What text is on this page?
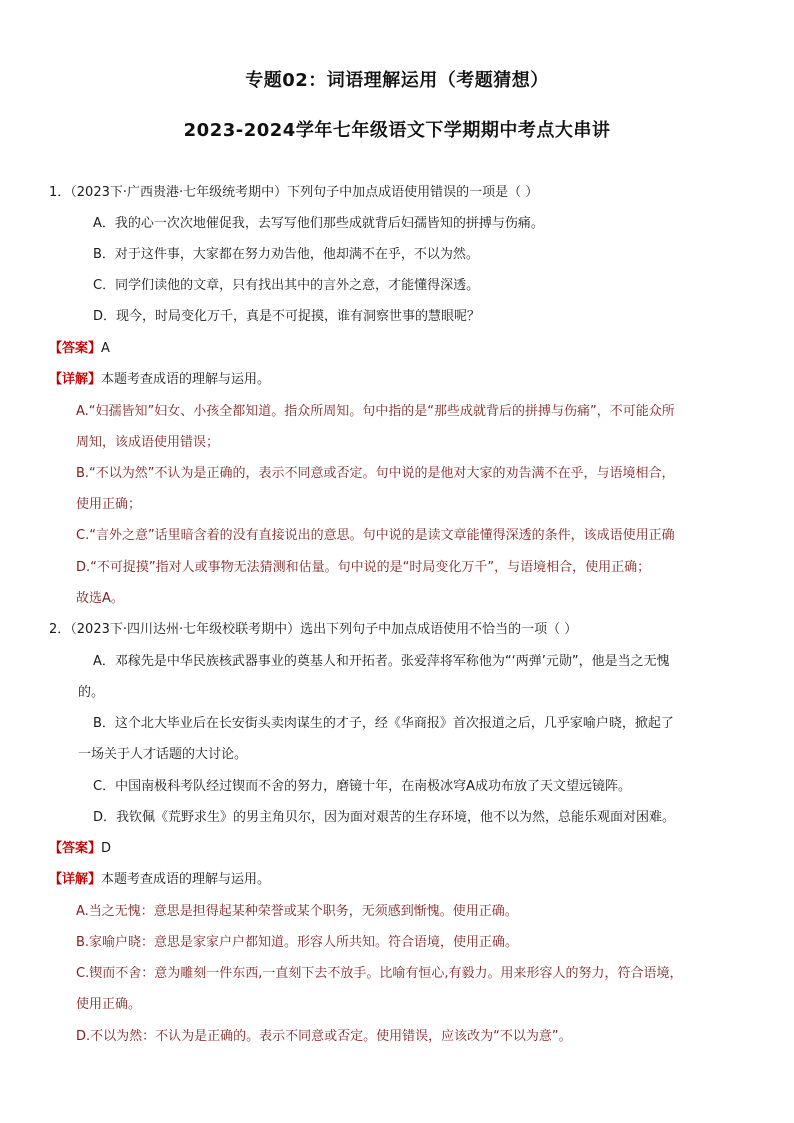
专题02：词语理解运用（考题猜想）
2023-2024学年七年级语文下学期期中考点大串讲
1．（2023下·广西贵港·七年级统考期中）下列句子中加点成语使用错误的一项是（ ）
A．我的心一次次地催促我，去写写他们那些成就背后妇孺皆知的拼搏与伤痛。
B．对于这件事，大家都在努力劝告他，他却满不在乎，不以为然。
C．同学们读他的文章，只有找出其中的言外之意，才能懂得深透。
D．现今，时局变化万千，真是不可捉摸，谁有洞察世事的慧眼呢？
【答案】A
【详解】本题考查成语的理解与运用。
A.“妇孺皆知”妇女、小孩全都知道。指众所周知。句中指的是“那些成就背后的拼搏与伤痛”，不可能众所
周知，该成语使用错误；
B.“不以为然”不认为是正确的，表示不同意或否定。句中说的是他对大家的劝告满不在乎，与语境相合，
使用正确；
C.“言外之意”话里暗含着的没有直接说出的意思。句中说的是读文章能懂得深透的条件，该成语使用正确
D.“不可捉摸”指对人或事物无法猜测和估量。句中说的是“时局变化万千”，与语境相合，使用正确；
故选A。
2．（2023下·四川达州·七年级校联考期中）选出下列句子中加点成语使用不恰当的一项（ ）
A．邓稼先是中华民族核武器事业的奠基人和开拓者。张爱萍将军称他为“‘两弹’元勋”，他是当之无愧
的。
B．这个北大毕业后在长安街头卖肉谋生的才子，经《华商报》首次报道之后，几乎家喻户晓，掀起了
一场关于人才话题的大讨论。
C．中国南极科考队经过锲而不舍的努力，磨镜十年，在南极冰穹A成功布放了天文望远镜阵。
D．我钦佩《荒野求生》的男主角贝尔，因为面对艰苦的生存环境，他不以为然，总能乐观面对困难。
【答案】D
【详解】本题考查成语的理解与运用。
A.当之无愧：意思是担得起某种荣誉或某个职务，无须感到惭愧。使用正确。
B.家喻户晓：意思是家家户户都知道。形容人所共知。符合语境，使用正确。
C.锲而不舍：意为雕刻一件东西,一直刻下去不放手。比喻有恒心,有毅力。用来形容人的努力，符合语境，
使用正确。
D.不以为然：不认为是正确的。表示不同意或否定。使用错误，应该改为“不以为意”。
